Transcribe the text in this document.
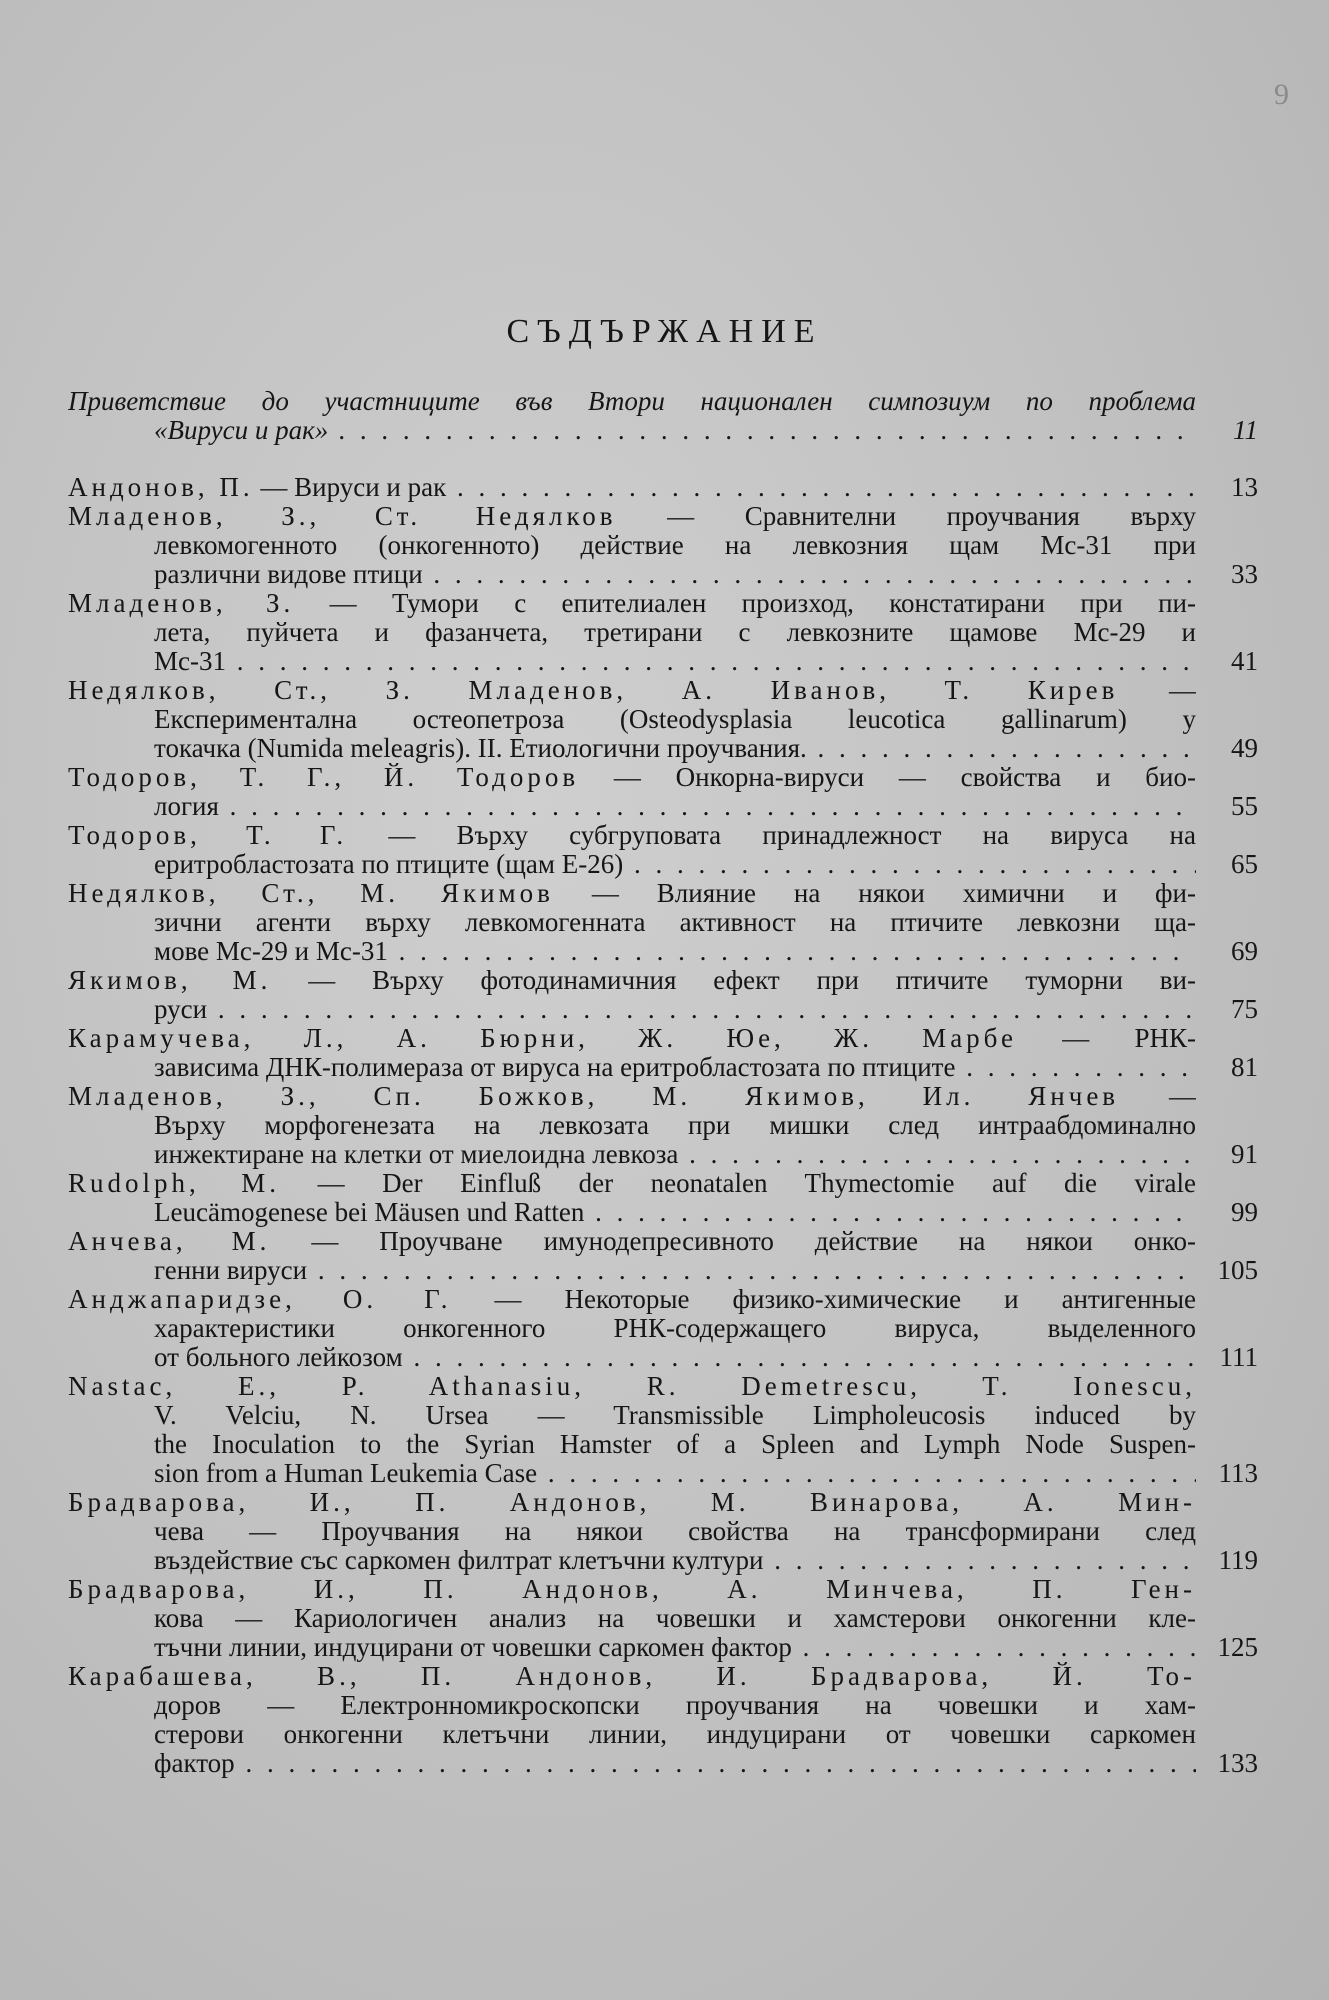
9
СЪДЪРЖАНИЕ
Приветствие до участниците във Втори национален симпозиум по проблема
«Вируси и рак» . . .	11
Андонов, П. — Вируси и рак . . .	13
Младенов, З., Ст. Недялков — Сравнителни проучвания върху
левкомогенното (онкогенното) действие на левкозния щам Мс-31 при
различни видове птици . . .	33
Младенов, З. — Тумори с епителиален произход, констатирани при пи-
лета, пуйчета и фазанчета, третирани с левкозните щамове Мс-29 и
Мс-31 . . .	41
Недялков, Ст., З. Младенов, А. Иванов, Т. Кирев —
Експериментална остеопетроза (Osteodysplasia leucotica gallinarum) у
токачка (Numida meleagris). II. Етиологични проучвания. . . .	49
Тодоров, Т. Г., Й. Тодоров — Онкорна-вируси — свойства и био-
логия . . .	55
Тодоров, Т. Г. — Върху субгруповата принадлежност на вируса на
еритробластозата по птиците (щам Е-26) . . .	65
Недялков, Ст., М. Якимов — Влияние на някои химични и фи-
зични агенти върху левкомогенната активност на птичите левкозни ща-
мове Мс-29 и Мс-31 . . .	69
Якимов, М. — Върху фотодинамичния ефект при птичите туморни ви-
руси . . .	75
Карамучева, Л., А. Бюрни, Ж. Юе, Ж. Марбе — РНК-
зависима ДНК-полимераза от вируса на еритробластозата по птиците . . .	81
Младенов, З., Сп. Божков, М. Якимов, Ил. Янчев —
Върху морфогенезата на левкозата при мишки след интраабдоминално
инжектиране на клетки от миелоидна левкоза . . .	91
Rudolph, M. — Der Einfluß der neonatalen Thymectomie auf die virale
Leucämogenese bei Mäusen und Ratten . . .	99
Анчева, М. — Проучване имунодепресивното действие на някои онко-
генни вируси . . .	105
Анджапаридзе, О. Г. — Некоторые физико-химические и антигенные
характеристики онкогенного РНК-содержащего вируса, выделенного
от больного лейкозом . . .	111
Nastac, E., P. Athanasiu, R. Demetrescu, T. Ionescu,
V. Velciu, N. Ursea — Transmissible Limpholeucosis induced by
the Inoculation to the Syrian Hamster of a Spleen and Lymph Node Suspen-
sion from a Human Leukemia Case . . .	113
Брадварова, И., П. Андонов, М. Винарова, А. Мин-
чева — Проучвания на някои свойства на трансформирани след
въздействие със саркомен филтрат клетъчни култури . . .	119
Брадварова, И., П. Андонов, А. Минчева, П. Ген-
кова — Кариологичен анализ на човешки и хамстерови онкогенни кле-
тъчни линии, индуцирани от човешки саркомен фактор . . .	125
Карабашева, В., П. Андонов, И. Брадварова, Й. То-
доров — Електронномикроскопски проучвания на човешки и хам-
стерови онкогенни клетъчни линии, индуцирани от човешки саркомен
фактор . . .	133
